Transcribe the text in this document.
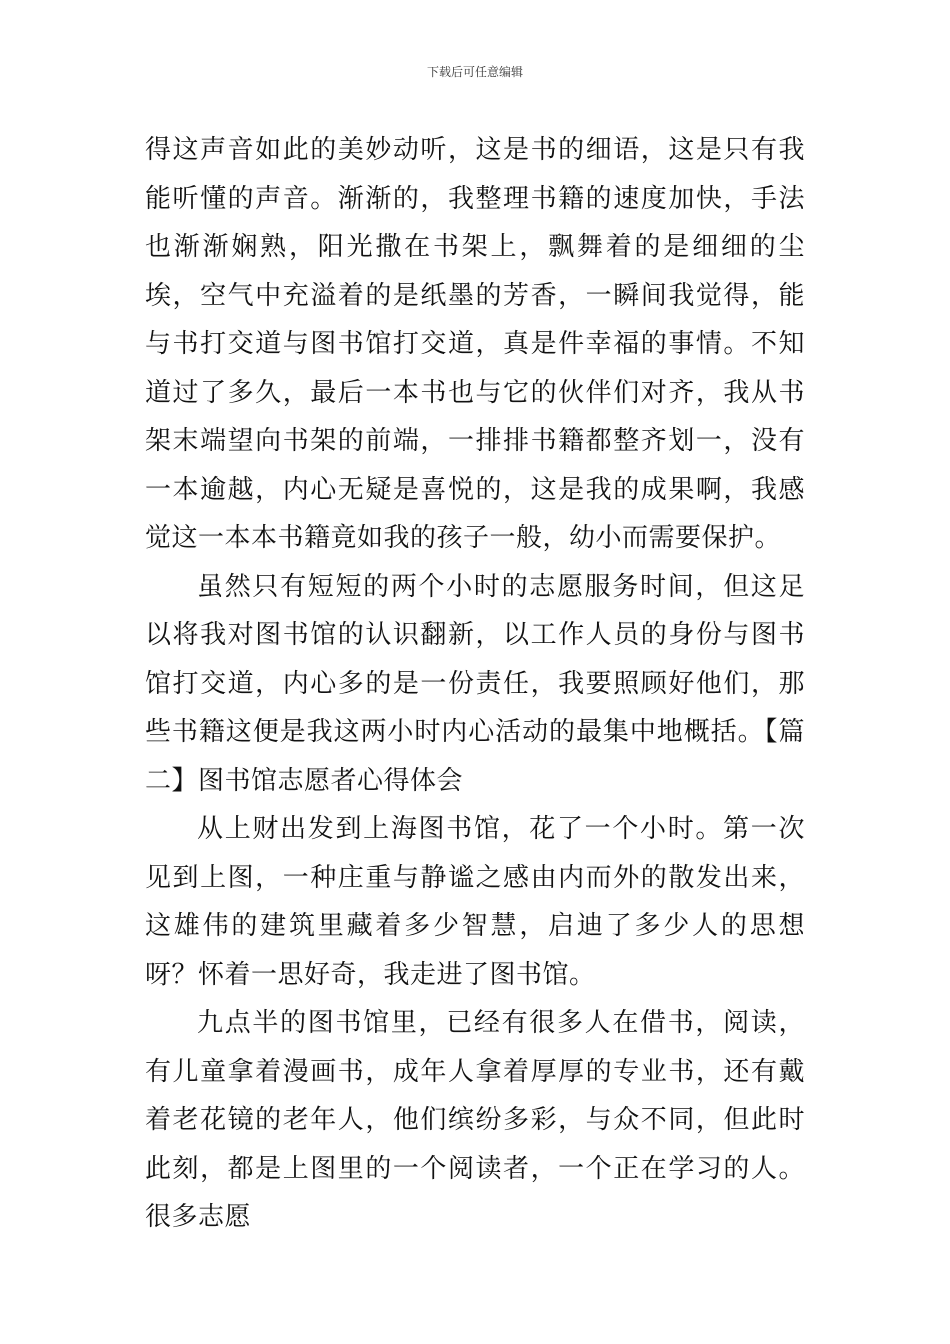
下载后可任意编辑

得这声音如此的美妙动听，这是书的细语，这是只有我能听懂的声音。渐渐的，我整理书籍的速度加快，手法也渐渐娴熟，阳光撒在书架上，飘舞着的是细细的尘埃，空气中充溢着的是纸墨的芳香，一瞬间我觉得，能与书打交道与图书馆打交道，真是件幸福的事情。不知道过了多久，最后一本书也与它的伙伴们对齐，我从书架末端望向书架的前端，一排排书籍都整齐划一，没有一本逾越，内心无疑是喜悦的，这是我的成果啊，我感觉这一本本书籍竟如我的孩子一般，幼小而需要保护。

虽然只有短短的两个小时的志愿服务时间，但这足以将我对图书馆的认识翻新，以工作人员的身份与图书馆打交道，内心多的是一份责任，我要照顾好他们，那些书籍这便是我这两小时内心活动的最集中地概括。【篇二】图书馆志愿者心得体会

从上财出发到上海图书馆，花了一个小时。第一次见到上图，一种庄重与静谧之感由内而外的散发出来，这雄伟的建筑里藏着多少智慧，启迪了多少人的思想呀？怀着一思好奇，我走进了图书馆。

九点半的图书馆里，已经有很多人在借书，阅读，有儿童拿着漫画书，成年人拿着厚厚的专业书，还有戴着老花镜的老年人，他们缤纷多彩，与众不同，但此时此刻，都是上图里的一个阅读者，一个正在学习的人。很多志愿
